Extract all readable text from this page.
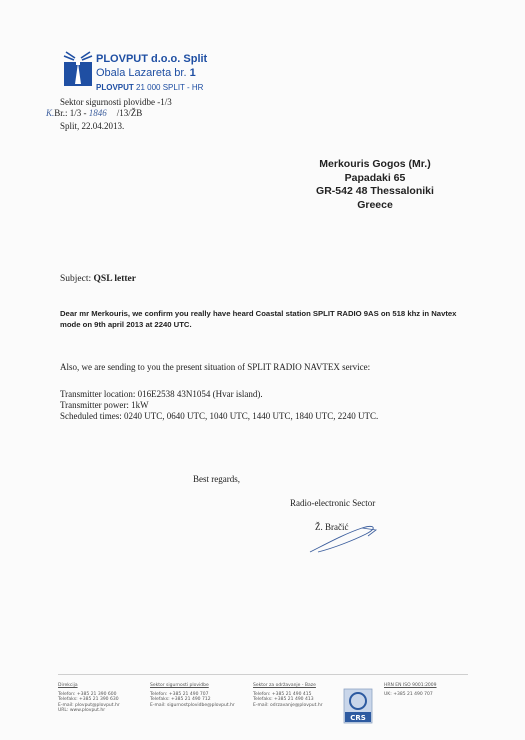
PLOVPUT d.o.o. Split
Obala Lazareta br. 1
PLOVPUT 21 000 SPLIT - HR
Sektor sigurnosti plovidbe -1/3
K.Br.: 1/3 - 1846 /13/ŽB
Split, 22.04.2013.
Merkouris Gogos (Mr.)
Papadaki 65
GR-542 48 Thessaloniki
Greece
Subject: QSL letter
Dear mr Merkouris, we confirm you really have heard Coastal station SPLIT RADIO 9AS on 518 khz in Navtex mode on 9th april 2013 at 2240 UTC.
Also, we are sending to you the present situation of SPLIT RADIO NAVTEX service:
Transmitter location: 016E2538 43N1054 (Hvar island).
Transmitter power: 1kW
Scheduled times: 0240 UTC, 0640 UTC, 1040 UTC, 1440 UTC, 1840 UTC, 2240 UTC.
Best regards,
Radio-electronic Sector
Ž. Bračić
Direkcija
Telefon: +385 21 390 600
Telefaks: +385 21 390 630
E-mail: plovput@plovput.hr
URL: www.plovput.hr
Sektor sigurnosti plovidbe
Telefon: +385 21 490 707
Telefaks: +385 21 490 712
E-mail: sigurnostplovidbe@plovput.hr
Sektor za održavanje - Baze
Telefon: +385 21 490 415
Telefaks: +385 21 490 413
E-mail: odrzavanje@plovput.hr
CRS
HRN EN ISO 9001:2009
UK: +385 21 490 707
